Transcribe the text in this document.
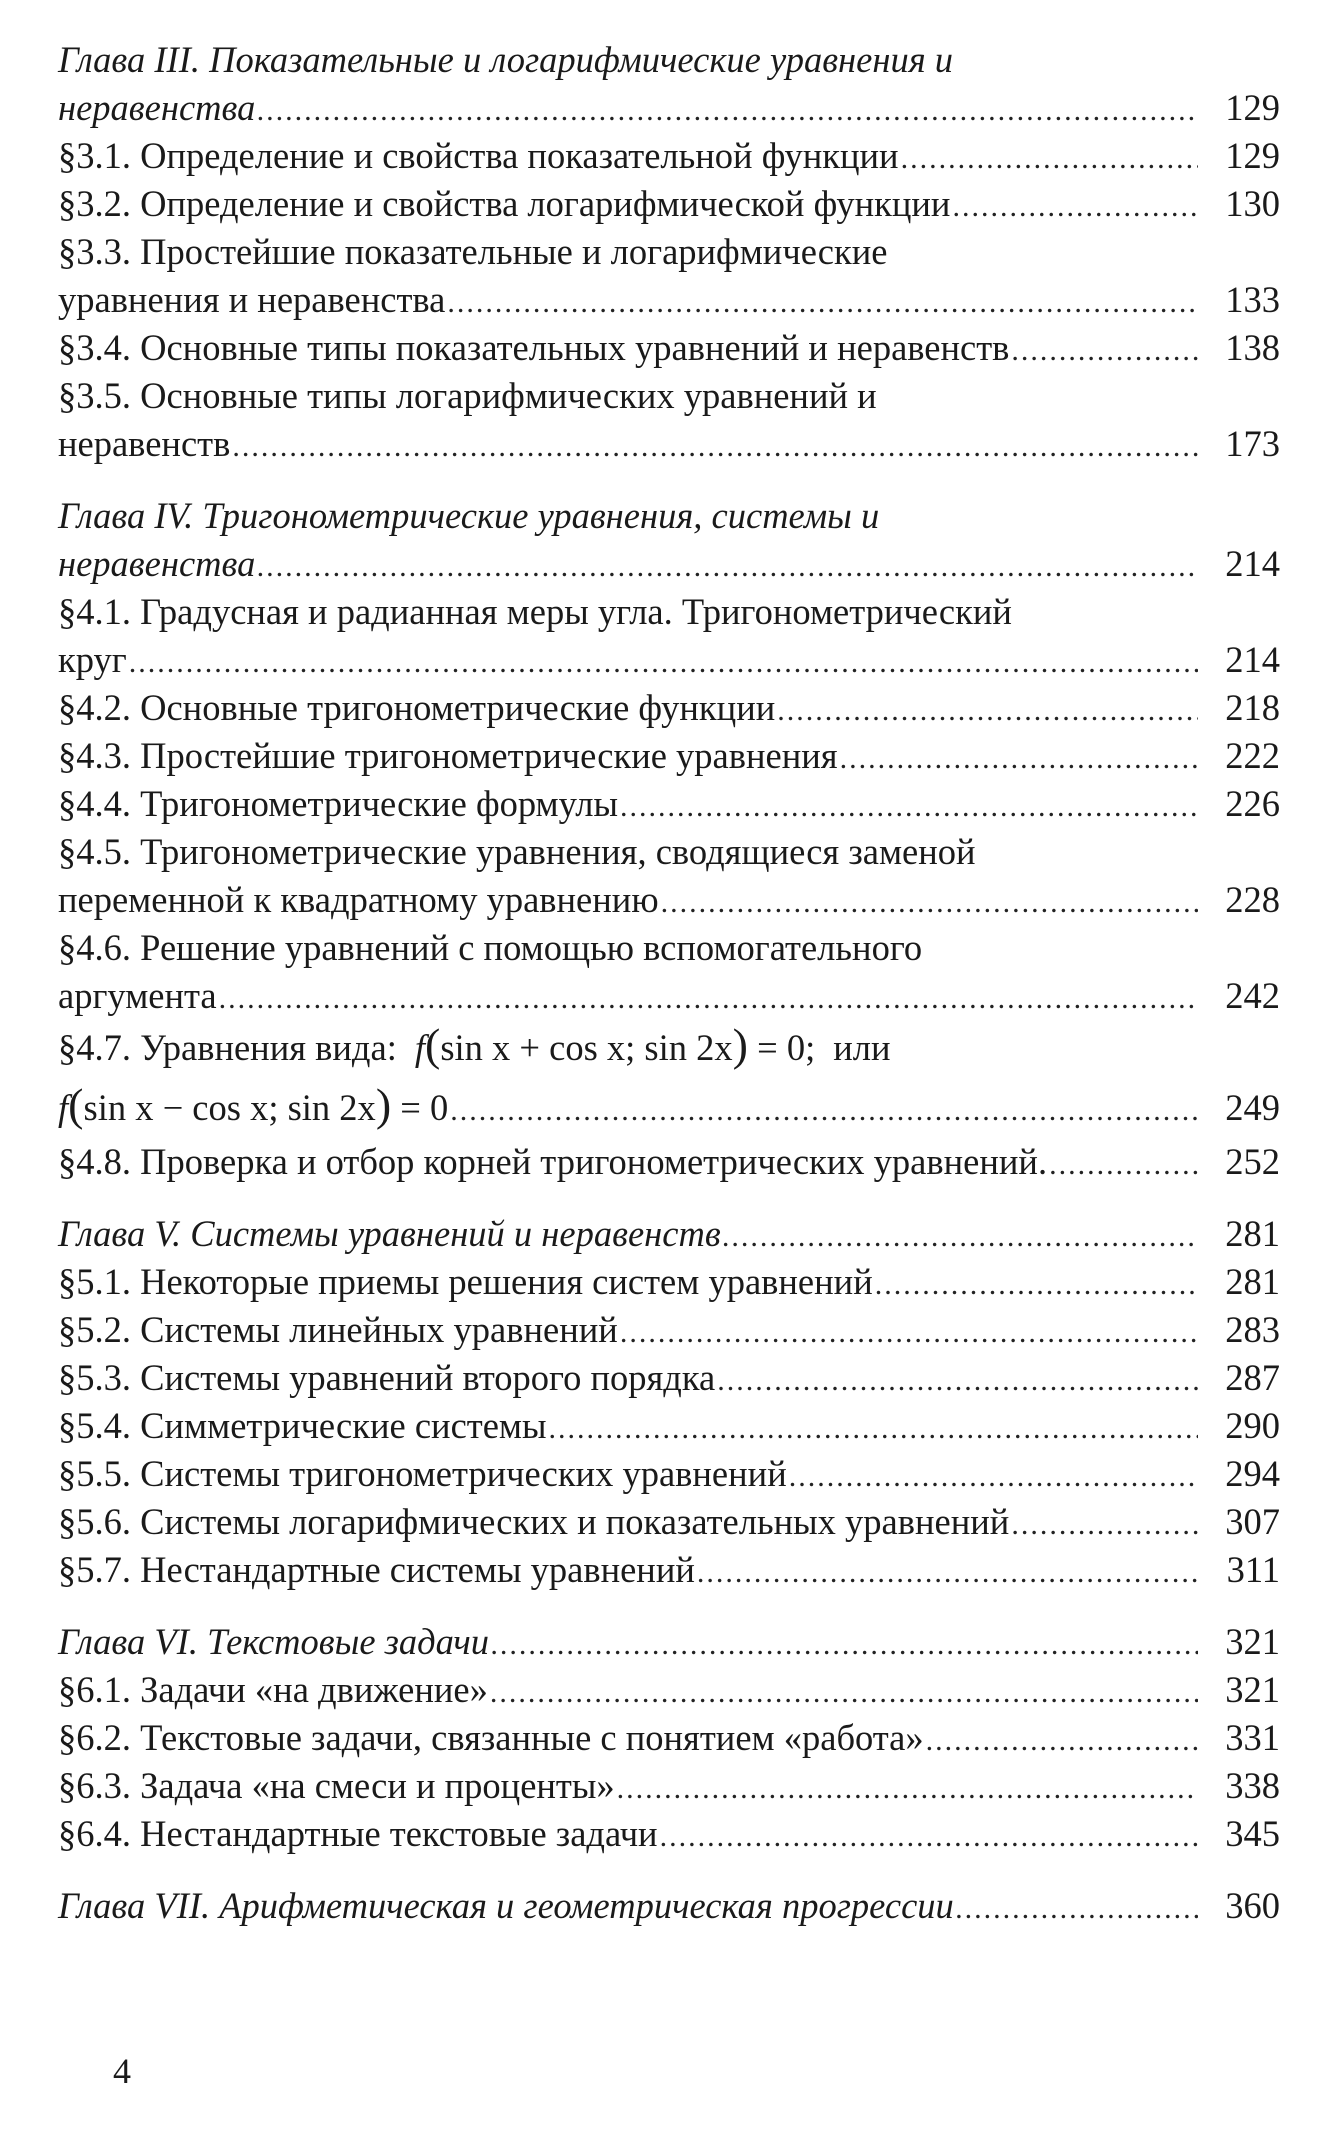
Глава III. Показательные и логарифмические уравнения и
неравенства .....	129
§3.1. Определение и свойства показательной функции .....	129
§3.2. Определение и свойства логарифмической функции .....	130
§3.3. Простейшие показательные и логарифмические
уравнения и неравенства .....	133
§3.4. Основные типы показательных уравнений и неравенств .....	138
§3.5. Основные типы логарифмических уравнений и
неравенств .....	173
Глава IV. Тригонометрические уравнения, системы и
неравенства .....	214
§4.1. Градусная и радианная меры угла. Тригонометрический
круг .....	214
§4.2. Основные тригонометрические функции .....	218
§4.3. Простейшие тригонометрические уравнения .....	222
§4.4. Тригонометрические формулы .....	226
§4.5. Тригонометрические уравнения, сводящиеся заменой
переменной к квадратному уравнению .....	228
§4.6. Решение уравнений с помощью вспомогательного
аргумента .....	242
§4.7. Уравнения вида: f(sin x + cos x; sin 2x) = 0; или
f(sin x − cos x; sin 2x) = 0 .....	249
§4.8. Проверка и отбор корней тригонометрических уравнений. .....	252
Глава V. Системы уравнений и неравенств .....	281
§5.1. Некоторые приемы решения систем уравнений .....	281
§5.2. Системы линейных уравнений .....	283
§5.3. Системы уравнений второго порядка .....	287
§5.4. Симметрические системы .....	290
§5.5. Системы тригонометрических уравнений .....	294
§5.6. Системы логарифмических и показательных уравнений .....	307
§5.7. Нестандартные системы уравнений .....	311
Глава VI. Текстовые задачи .....	321
§6.1. Задачи «на движение» .....	321
§6.2. Текстовые задачи, связанные с понятием «работа» .....	331
§6.3. Задача «на смеси и проценты» .....	338
§6.4. Нестандартные текстовые задачи .....	345
Глава VII. Арифметическая и геометрическая прогрессии .....	360
4
